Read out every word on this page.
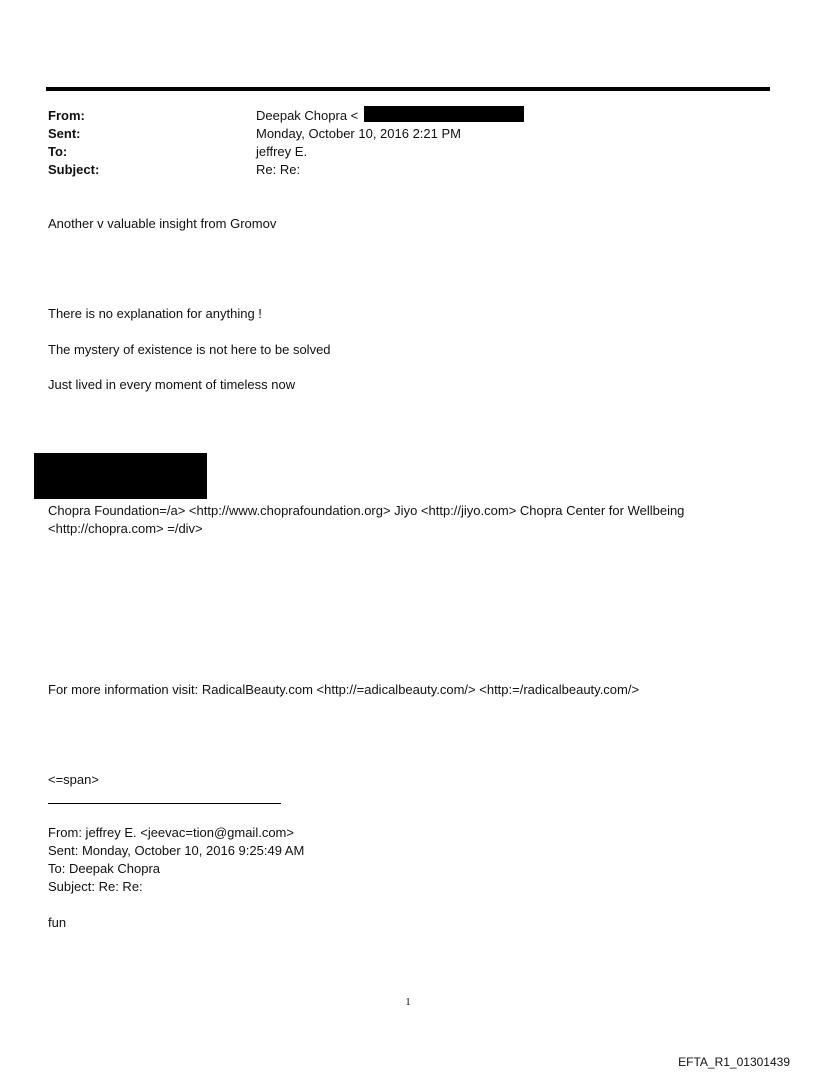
From:	Deepak Chopra <
Sent:	Monday, October 10, 2016 2:21 PM
To:	jeffrey E.
Subject:	Re: Re:
Another v valuable insight from Gromov
There is no explanation for anything !
The mystery of existence is not here to be solved
Just lived in every moment of timeless now
Chopra Foundation=/a> <http://www.choprafoundation.org> Jiyo <http://jiyo.com> Chopra Center for Wellbeing <http://chopra.com> =/div>
For more information visit: RadicalBeauty.com <http://=adicalbeauty.com/> <http:=/radicalbeauty.com/>
<=span>
From: jeffrey E. <jeevac=tion@gmail.com>
Sent: Monday, October 10, 2016 9:25:49 AM
To: Deepak Chopra
Subject: Re: Re:
fun
1
EFTA_R1_01301439
